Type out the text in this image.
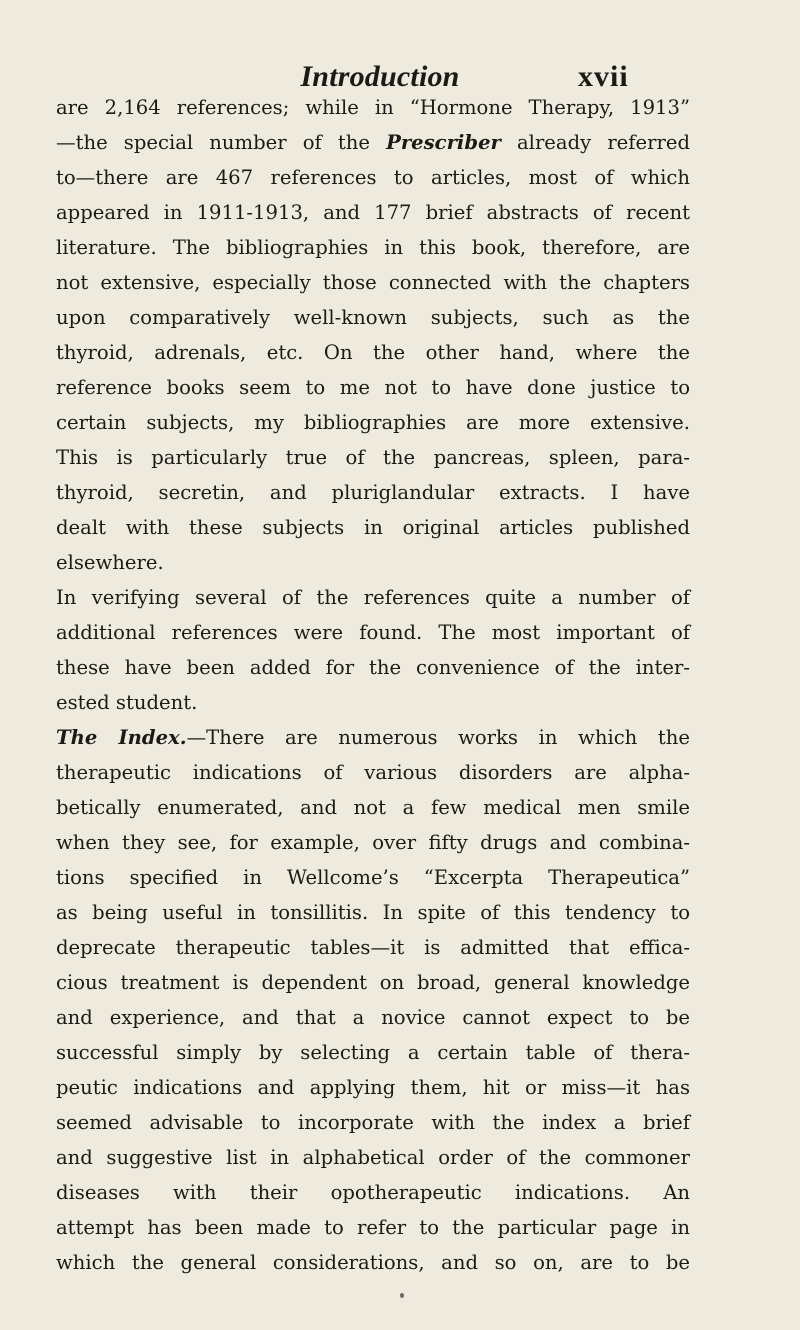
Introduction	xvii
are 2,164 references; while in “Hormone Therapy, 1913”
—the special number of the Prescriber already referred
to—there are 467 references to articles, most of which
appeared in 1911-1913, and 177 brief abstracts of recent
literature. The bibliographies in this book, therefore, are
not extensive, especially those connected with the chapters
upon comparatively well-known subjects, such as the
thyroid, adrenals, etc. On the other hand, where the
reference books seem to me not to have done justice to
certain subjects, my bibliographies are more extensive.
This is particularly true of the pancreas, spleen, para-
thyroid, secretin, and pluriglandular extracts. I have
dealt with these subjects in original articles published
elsewhere.
In verifying several of the references quite a number of
additional references were found. The most important of
these have been added for the convenience of the inter-
ested student.
The Index.—There are numerous works in which the
therapeutic indications of various disorders are alpha-
betically enumerated, and not a few medical men smile
when they see, for example, over fifty drugs and combina-
tions specified in Wellcome’s “Excerpta Therapeutica”
as being useful in tonsillitis. In spite of this tendency to
deprecate therapeutic tables—it is admitted that effica-
cious treatment is dependent on broad, general knowledge
and experience, and that a novice cannot expect to be
successful simply by selecting a certain table of thera-
peutic indications and applying them, hit or miss—it has
seemed advisable to incorporate with the index a brief
and suggestive list in alphabetical order of the commoner
diseases with their opotherapeutic indications. An
attempt has been made to refer to the particular page in
which the general considerations, and so on, are to be
